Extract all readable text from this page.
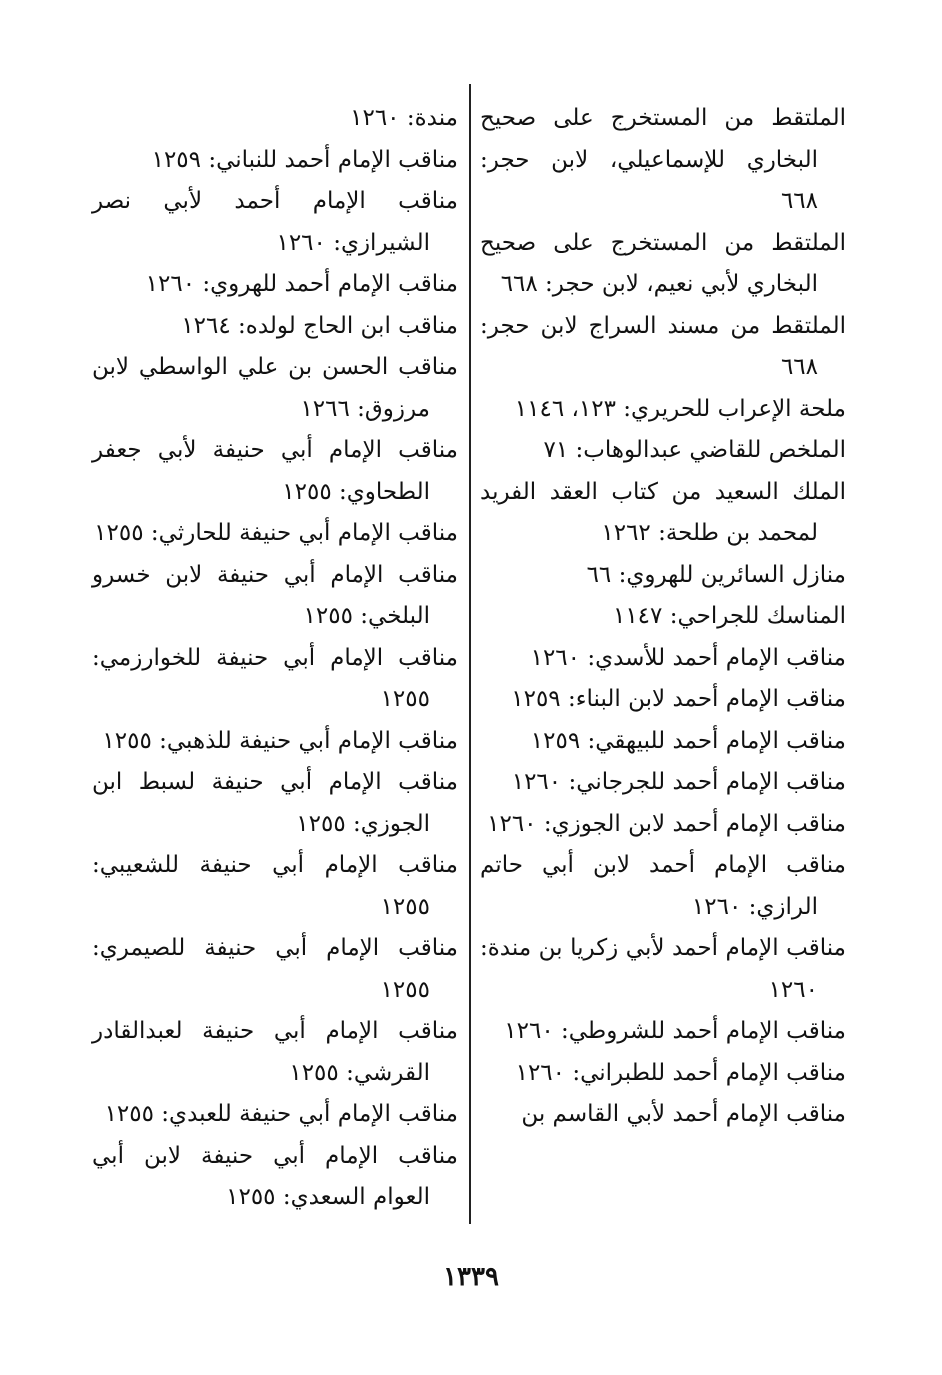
الملتقط من المستخرج على صحيح البخاري للإسماعيلي، لابن حجر: ٦٦٨
الملتقط من المستخرج على صحيح البخاري لأبي نعيم، لابن حجر: ٦٦٨
الملتقط من مسند السراج لابن حجر: ٦٦٨
ملحة الإعراب للحريري: ١٢٣، ١١٤٦
الملخص للقاضي عبدالوهاب: ٧١
الملك السعيد من كتاب العقد الفريد لمحمد بن طلحة: ١٢٦٢
منازل السائرين للهروي: ٦٦
المناسك للجراحي: ١١٤٧
مناقب الإمام أحمد للأسدي: ١٢٦٠
مناقب الإمام أحمد لابن البناء: ١٢٥٩
مناقب الإمام أحمد للبيهقي: ١٢٥٩
مناقب الإمام أحمد للجرجاني: ١٢٦٠
مناقب الإمام أحمد لابن الجوزي: ١٢٦٠
مناقب الإمام أحمد لابن أبي حاتم الرازي: ١٢٦٠
مناقب الإمام أحمد لأبي زكريا بن مندة: ١٢٦٠
مناقب الإمام أحمد للشروطي: ١٢٦٠
مناقب الإمام أحمد للطبراني: ١٢٦٠
مناقب الإمام أحمد لأبي القاسم بن
مندة: ١٢٦٠
مناقب الإمام أحمد للنباني: ١٢٥٩
مناقب الإمام أحمد لأبي نصر الشيرازي: ١٢٦٠
مناقب الإمام أحمد للهروي: ١٢٦٠
مناقب ابن الحاج لولده: ١٢٦٤
مناقب الحسن بن علي الواسطي لابن مرزوق: ١٢٦٦
مناقب الإمام أبي حنيفة لأبي جعفر الطحاوي: ١٢٥٥
مناقب الإمام أبي حنيفة للحارثي: ١٢٥٥
مناقب الإمام أبي حنيفة لابن خسرو البلخي: ١٢٥٥
مناقب الإمام أبي حنيفة للخوارزمي: ١٢٥٥
مناقب الإمام أبي حنيفة للذهبي: ١٢٥٥
مناقب الإمام أبي حنيفة لسبط ابن الجوزي: ١٢٥٥
مناقب الإمام أبي حنيفة للشعيبي: ١٢٥٥
مناقب الإمام أبي حنيفة للصيمري: ١٢٥٥
مناقب الإمام أبي حنيفة لعبدالقادر القرشي: ١٢٥٥
مناقب الإمام أبي حنيفة للعبدي: ١٢٥٥
مناقب الإمام أبي حنيفة لابن أبي العوام السعدي: ١٢٥٥
١٣٣٩
